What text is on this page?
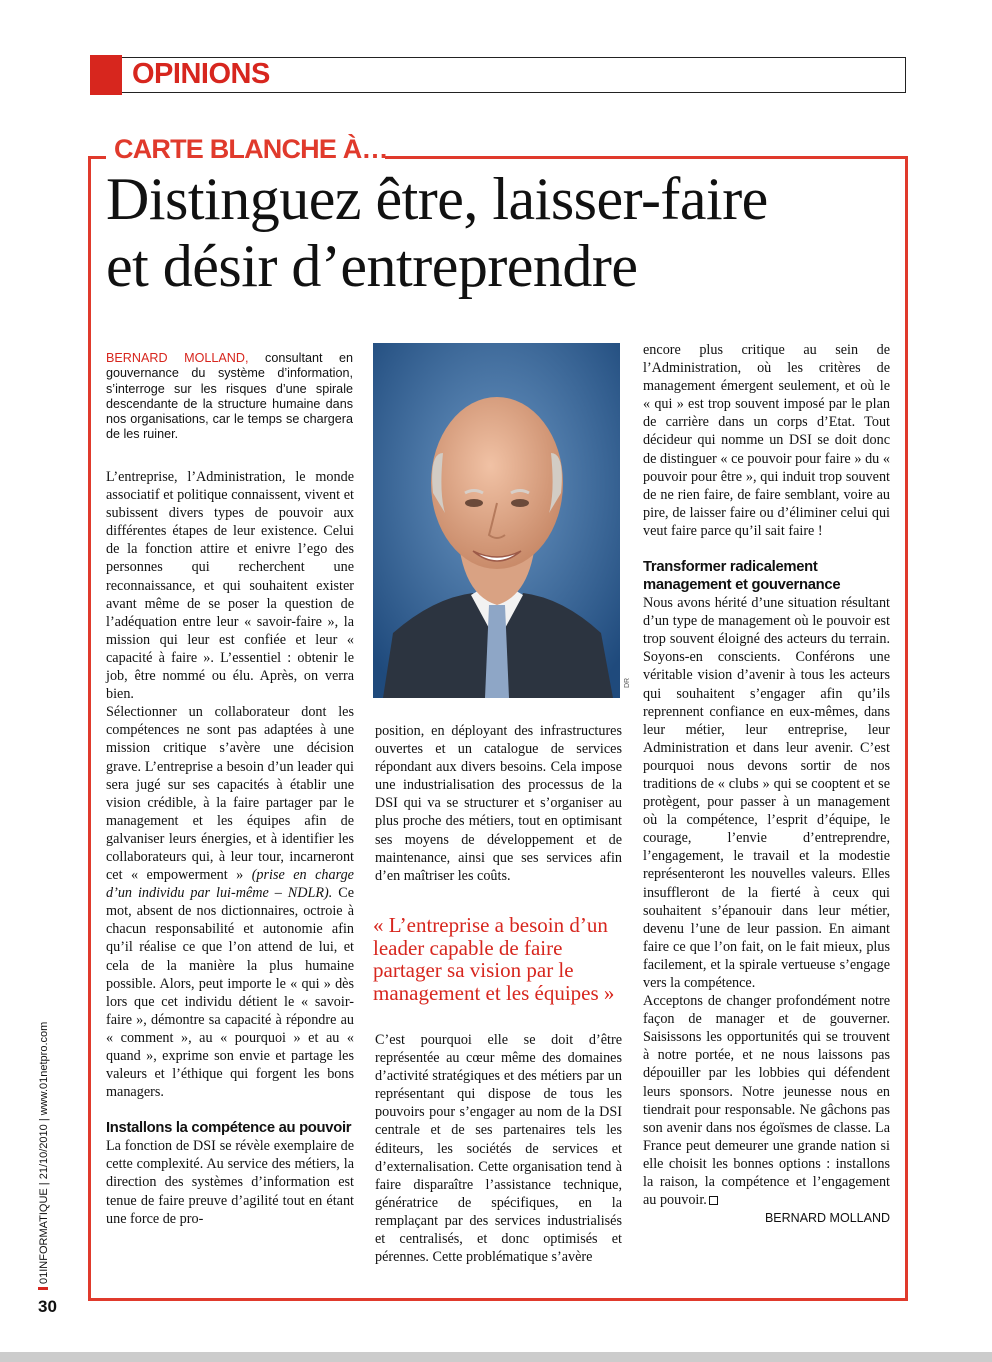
OPINIONS
CARTE BLANCHE À…
Distinguez être, laisser-faire
et désir d’entreprendre
BERNARD MOLLAND, consultant en gouvernance du système d’information, s’interroge sur les risques d’une spirale descendante de la structure humaine dans nos organisations, car le temps se chargera de les ruiner.

L’entreprise, l’Administration, le monde associatif et politique connaissent, vivent et subissent divers types de pouvoir aux différentes étapes de leur existence. Celui de la fonction attire et enivre l’ego des personnes qui recherchent une reconnaissance, et qui souhaitent exister avant même de se poser la question de l’adéquation entre leur « savoir-faire », la mission qui leur est confiée et leur « capacité à faire ». L’essentiel : obtenir le job, être nommé ou élu. Après, on verra bien.

Sélectionner un collaborateur dont les compétences ne sont pas adaptées à une mission critique s’avère une décision grave. L’entreprise a besoin d’un leader qui sera jugé sur ses capacités à établir une vision crédible, à la faire partager par le management et les équipes afin de galvaniser leurs énergies, et à identifier les collaborateurs qui, à leur tour, incarneront cet « empowerment » (prise en charge d’un individu par lui-même – NDLR). Ce mot, absent de nos dictionnaires, octroie à chacun responsabilité et autonomie afin qu’il réalise ce que l’on attend de lui, et cela de la manière la plus humaine possible. Alors, peut importe le « qui » dès lors que cet individu détient le « savoir-faire », démontre sa capacité à répondre au « comment », au « pourquoi » et au « quand », exprime son envie et partage les valeurs et l’éthique qui forgent les bons managers.

Installons la compétence au pouvoir

La fonction de DSI se révèle exemplaire de cette complexité. Au service des métiers, la direction des systèmes d’information est tenue de faire preuve d’agilité tout en étant une force de pro-

DR

position, en déployant des infrastructures ouvertes et un catalogue de services répondant aux divers besoins. Cela impose une industrialisation des processus de la DSI qui va se structurer et s’organiser au plus proche des métiers, tout en optimisant ses moyens de développement et de maintenance, ainsi que ses services afin d’en maîtriser les coûts.

« L’entreprise a besoin d’un leader capable de faire partager sa vision par le management et les équipes »

C’est pourquoi elle se doit d’être représentée au cœur même des domaines d’activité stratégiques et des métiers par un représentant qui dispose de tous les pouvoirs pour s’engager au nom de la DSI centrale et de ses partenaires tels les éditeurs, les sociétés de services et d’externalisation. Cette organisation tend à faire disparaître l’assistance technique, génératrice de spécifiques, en la remplaçant par des services industrialisés et centralisés, et donc optimisés et pérennes. Cette problématique s’avère

encore plus critique au sein de l’Administration, où les critères de management émergent seulement, et où le « qui » est trop souvent imposé par le plan de carrière dans un corps d’Etat. Tout décideur qui nomme un DSI se doit donc de distinguer « ce pouvoir pour faire » du « pouvoir pour être », qui induit trop souvent de ne rien faire, de faire semblant, voire au pire, de laisser faire ou d’éliminer celui qui veut faire parce qu’il sait faire !

Transformer radicalement management et gouvernance

Nous avons hérité d’une situation résultant d’un type de management où le pouvoir est trop souvent éloigné des acteurs du terrain. Soyons-en conscients. Conférons une véritable vision d’avenir à tous les acteurs qui souhaitent s’engager afin qu’ils reprennent confiance en eux-mêmes, dans leur métier, leur entreprise, leur Administration et dans leur avenir. C’est pourquoi nous devons sortir de nos traditions de « clubs » qui se cooptent et se protègent, pour passer à un management où la compétence, l’esprit d’équipe, le courage, l’envie d’entreprendre, l’engagement, le travail et la modestie représenteront les nouvelles valeurs. Elles insuffleront de la fierté à ceux qui souhaitent s’épanouir dans leur métier, devenu l’une de leur passion. En aimant faire ce que l’on fait, on le fait mieux, plus facilement, et la spirale vertueuse s’engage vers la compétence.

Acceptons de changer profondément notre façon de manager et de gouverner. Saisissons les opportunités qui se trouvent à notre portée, et ne nous laissons pas dépouiller par les lobbies qui défendent leurs sponsors. Notre jeunesse nous en tiendrait pour responsable. Ne gâchons pas son avenir dans nos égoïsmes de classe. La France peut demeurer une grande nation si elle choisit les bonnes options : installons la raison, la compétence et l’engagement au pouvoir.

BERNARD MOLLAND

01INFORMATIQUE | 21/10/2010 | www.01netpro.com
30
